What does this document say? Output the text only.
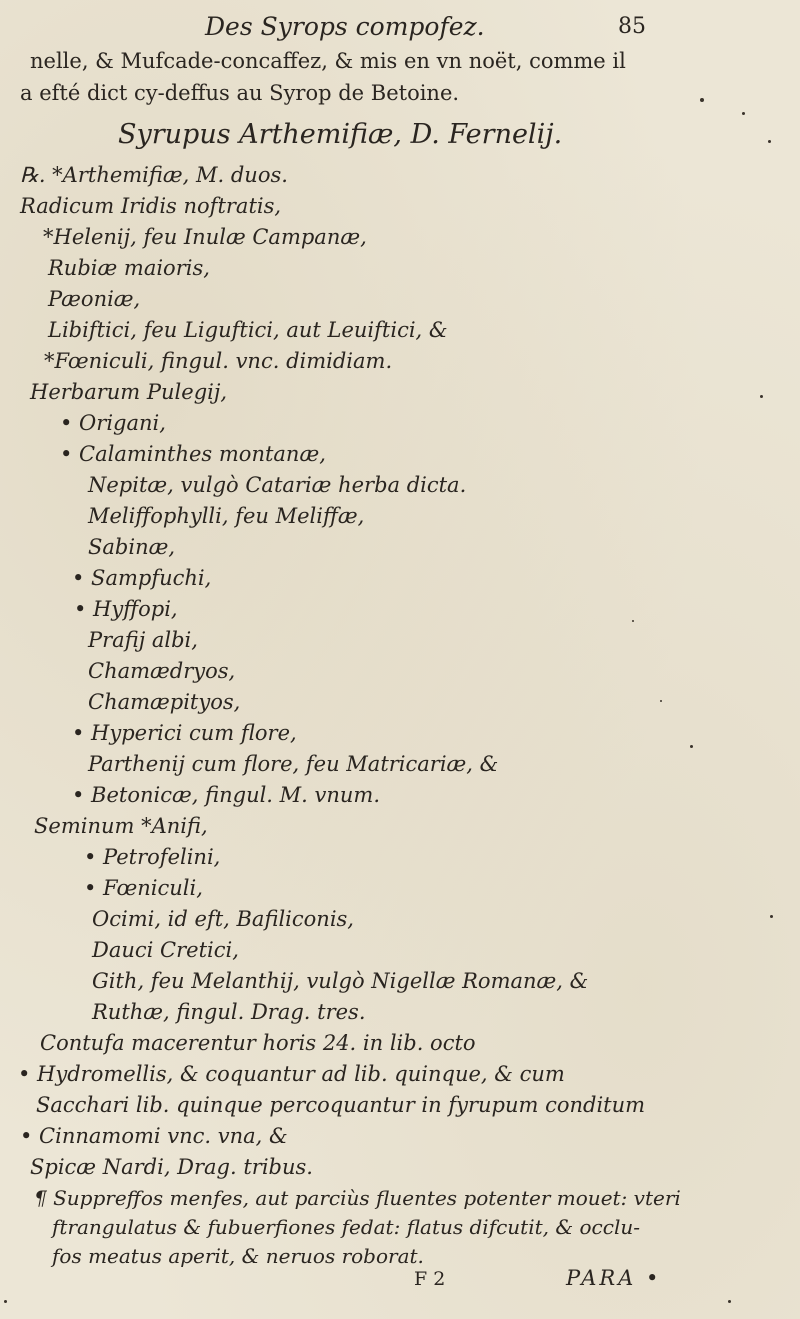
Des Syrops compofez.	85
nelle, & Mufcade-concaffez, & mis en vn noët, comme il
a efté dict cy-deffus au Syrop de Betoine.
Syrupus Arthemifiæ, D. Fernelij.
℞. *Arthemifiæ, M. duos.
Radicum Iridis noftratis,
*Helenij, feu Inulæ Campanæ,
Rubiæ maioris,
Pæoniæ,
Libiftici, feu Liguftici, aut Leuiftici, &
*Fœniculi, fingul. vnc. dimidiam.
Herbarum Pulegij,
• Origani,
• Calaminthes montanæ,
Nepitæ, vulgò Catariæ herba dicta.
Meliffophylli, feu Meliffæ,
Sabinæ,
• Sampfuchi,
• Hyffopi,
Prafij albi,
Chamædryos,
Chamæpityos,
• Hyperici cum flore,
Parthenij cum flore, feu Matricariæ, &
• Betonicæ, fingul. M. vnum.
Seminum *Anifi,
• Petrofelini,
• Fœniculi,
Ocimi, id eft, Bafiliconis,
Dauci Cretici,
Gith, feu Melanthij, vulgò Nigellæ Romanæ, &
Ruthæ, fingul. Drag. tres.
Contufa macerentur horis 24. in lib. octo
• Hydromellis, & coquantur ad lib. quinque, & cum
Sacchari lib. quinque percoquantur in fyrupum conditum
• Cinnamomi vnc. vna, &
Spicæ Nardi, Drag. tribus.
¶ Suppreffos menfes, aut parciùs fluentes potenter mouet: vteri
ftrangulatus & fubuerfiones fedat: flatus difcutit, & occlu-
fos meatus aperit, & neruos roborat.
F 2	PARA •
